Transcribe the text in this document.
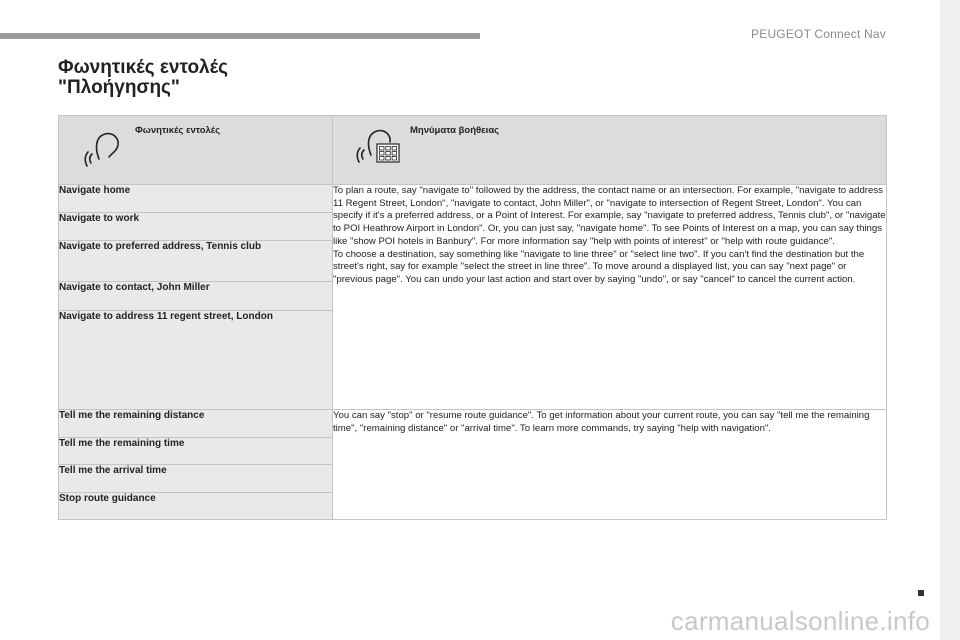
PEUGEOT Connect Nav
Φωνητικές εντολές
"Πλοήγησης"
Φωνητικές εντολές	Μηνύματα βοήθειας

Navigate home	To plan a route, say "navigate to" followed by the address, the contact name or an intersection. For example, "navigate to address 11 Regent Street, London", "navigate to contact, John Miller", or "navigate to intersection of Regent Street, London". You can specify if it's a preferred address, or a Point of Interest. For example, say "navigate to preferred address, Tennis club", or "navigate to POI Heathrow Airport in London". Or, you can just say, "navigate home". To see Points of Interest on a map, you can say things like "show POI hotels in Banbury". For more information say "help with points of interest" or "help with route guidance".

To choose a destination, say something like "navigate to line three" or "select line two". If you can't find the destination but the street's right, say for example "select the street in line three". To move around a displayed list, you can say "next page" or "previous page". You can undo your last action and start over by saying "undo", or say "cancel" to cancel the current action.

Navigate to work	
Navigate to preferred address, Tennis club	
Navigate to contact, John Miller	
Navigate to address 11 regent street, London	
Tell me the remaining distance	You can say "stop" or "resume route guidance". To get information about your current route, you can say "tell me the remaining time", "remaining distance" or "arrival time". To learn more commands, try saying "help with navigation".

Tell me the remaining time	
Tell me the arrival time	
Stop route guidance	
carmanualsonline.info
